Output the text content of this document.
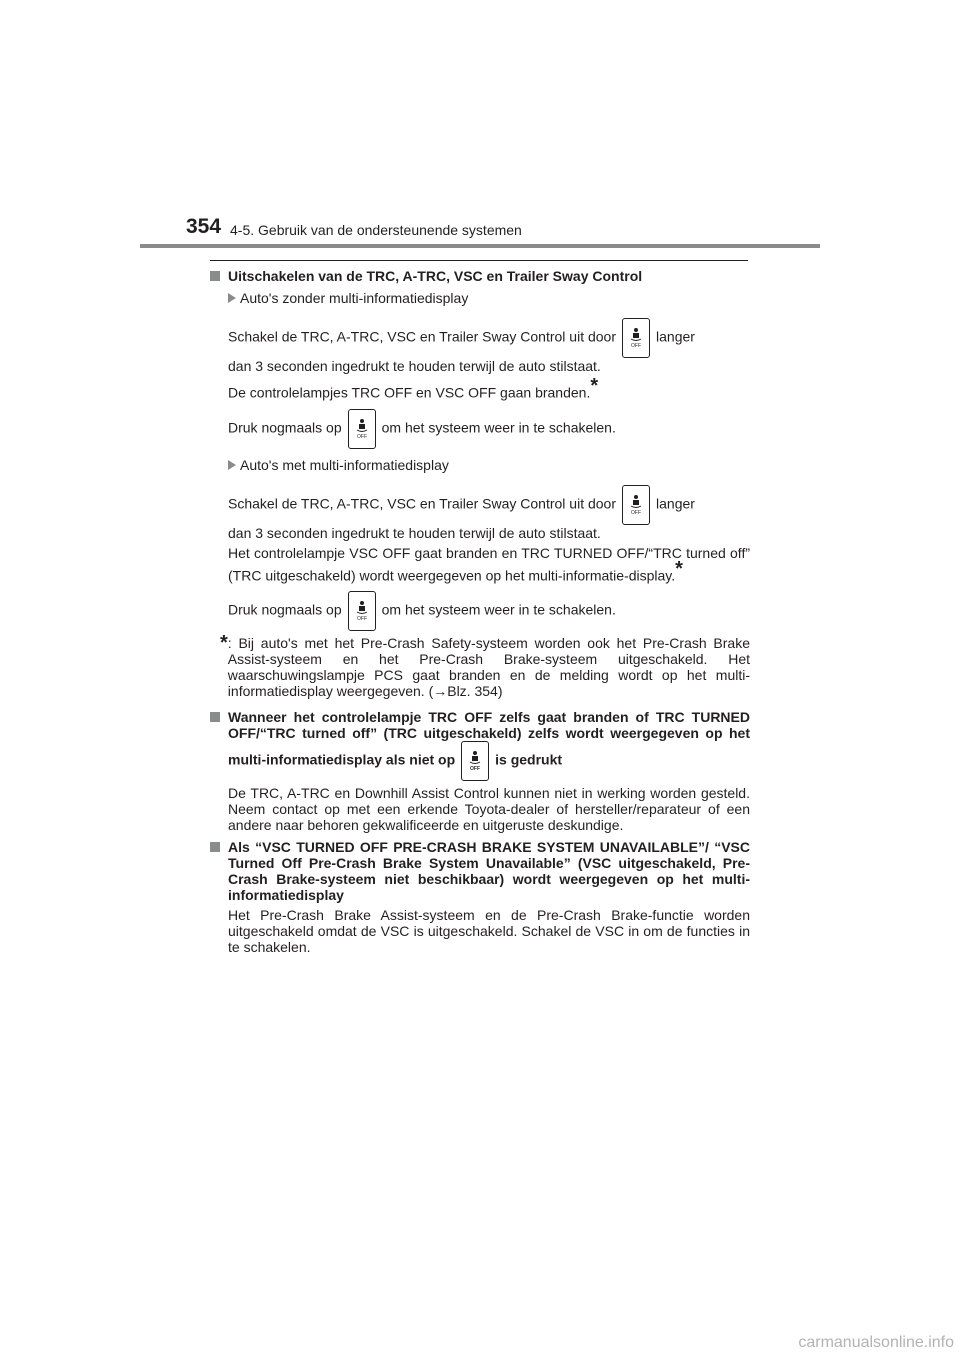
354 4-5. Gebruik van de ondersteunende systemen
Uitschakelen van de TRC, A-TRC, VSC en Trailer Sway Control
Auto's zonder multi-informatiedisplay

Schakel de TRC, A-TRC, VSC en Trailer Sway Control uit door
OFF
langer
dan 3 seconden ingedrukt te houden terwijl de auto stilstaat.

De controlelampjes TRC OFF en VSC OFF gaan branden.*

Druk nogmaals op
OFF
om het systeem weer in te schakelen.

Auto's met multi-informatiedisplay

Schakel de TRC, A-TRC, VSC en Trailer Sway Control uit door
OFF
langer
dan 3 seconden ingedrukt te houden terwijl de auto stilstaat.

Het controlelampje VSC OFF gaat branden en TRC TURNED OFF/“TRC turned off” (TRC uitgeschakeld) wordt weergegeven op het multi-informatie-display.*

Druk nogmaals op
OFF
om het systeem weer in te schakelen.

* : Bij auto's met het Pre-Crash Safety-systeem worden ook het Pre-Crash Brake Assist-systeem en het Pre-Crash Brake-systeem uitgeschakeld. Het waarschuwingslampje PCS gaat branden en de melding wordt op het multi-informatiedisplay weergegeven. (→Blz. 354)
Wanneer het controlelampje TRC OFF zelfs gaat branden of TRC TURNED OFF/“TRC turned off” (TRC uitgeschakeld) zelfs wordt weergegeven op het multi-informatiedisplay als niet op
OFF
is gedrukt

De TRC, A-TRC en Downhill Assist Control kunnen niet in werking worden gesteld. Neem contact op met een erkende Toyota-dealer of hersteller/reparateur of een andere naar behoren gekwalificeerde en uitgeruste deskundige.

Als “VSC TURNED OFF PRE-CRASH BRAKE SYSTEM UNAVAILABLE”/ “VSC Turned Off Pre-Crash Brake System Unavailable” (VSC uitgeschakeld, Pre-Crash Brake-systeem niet beschikbaar) wordt weergegeven op het multi-informatiedisplay

Het Pre-Crash Brake Assist-systeem en de Pre-Crash Brake-functie worden uitgeschakeld omdat de VSC is uitgeschakeld. Schakel de VSC in om de functies in te schakelen.

carmanualsonline.info
